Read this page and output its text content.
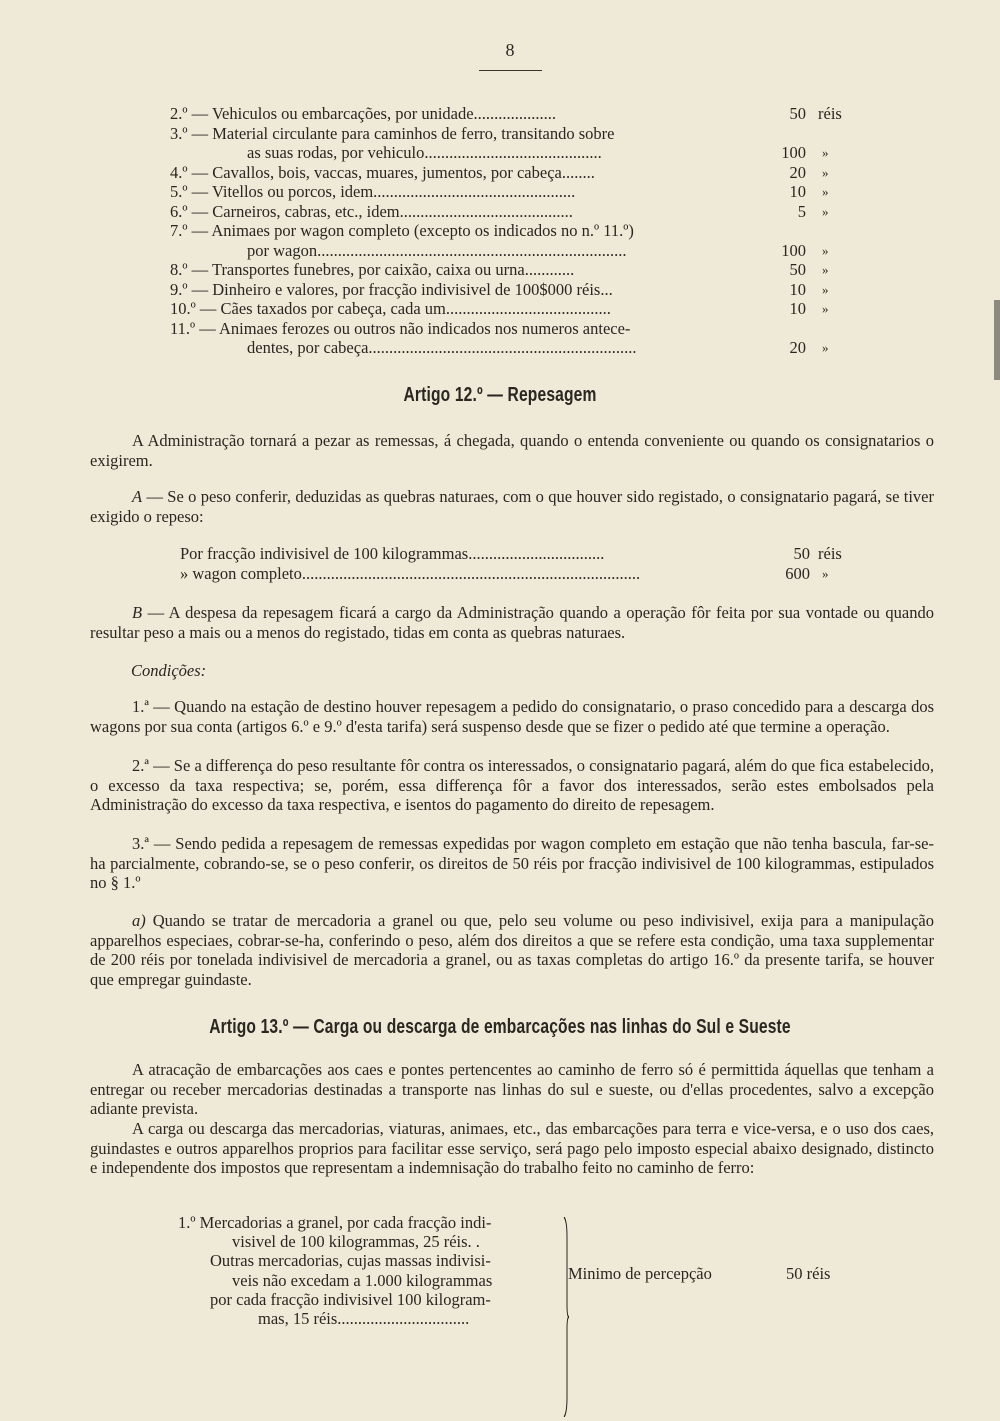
8
2.º — Vehiculos ou embarcações, por unidade....................	50 réis
3.º — Material circulante para caminhos de ferro, transitando sobre
as suas rodas, por vehiculo...........................................	100 »
4.º — Cavallos, bois, vaccas, muares, jumentos, por cabeça........	20 »
5.º — Vitellos ou porcos, idem.................................................	10 »
6.º — Carneiros, cabras, etc., idem..........................................	5 »
7.º — Animaes por wagon completo (excepto os indicados no n.º 11.º)
por wagon...........................................................................	100 »
8.º — Transportes funebres, por caixão, caixa ou urna............	50 »
9.º — Dinheiro e valores, por fracção indivisivel de 100$000 réis...	10 »
10.º — Cães taxados por cabeça, cada um........................................	10 »
11.º — Animaes ferozes ou outros não indicados nos numeros antece-
dentes, por cabeça.................................................................	20 »
Artigo 12.º — Repesagem

A Administração tornará a pezar as remessas, á chegada, quando o entenda conveniente ou quando os consignatarios o exigirem.

A — Se o peso conferir, deduzidas as quebras naturaes, com o que houver sido registado, o consignatario pagará, se tiver exigido o repeso:

Por fracção indivisivel de 100 kilogrammas.................................	50 réis
» wagon completo..................................................................................	600 »

B — A despesa da repesagem ficará a cargo da Administração quando a operação fôr feita por sua vontade ou quando resultar peso a mais ou a menos do registado, tidas em conta as quebras naturaes.

Condições:

1.ª — Quando na estação de destino houver repesagem a pedido do consignatario, o praso concedido para a descarga dos wagons por sua conta (artigos 6.º e 9.º d'esta tarifa) será suspenso desde que se fizer o pedido até que termine a operação.

2.ª — Se a differença do peso resultante fôr contra os interessados, o consignatario pagará, além do que fica estabelecido, o excesso da taxa respectiva; se, porém, essa differença fôr a favor dos interessados, serão estes embolsados pela Administração do excesso da taxa respectiva, e isentos do pagamento do direito de repesagem.

3.ª — Sendo pedida a repesagem de remessas expedidas por wagon completo em estação que não tenha bascula, far-se-ha parcialmente, cobrando-se, se o peso conferir, os direitos de 50 réis por fracção indivisivel de 100 kilogrammas, estipulados no § 1.º

a) Quando se tratar de mercadoria a granel ou que, pelo seu volume ou peso indivisivel, exija para a manipulação apparelhos especiaes, cobrar-se-ha, conferindo o peso, além dos direitos a que se refere esta condição, uma taxa supplementar de 200 réis por tonelada indivisivel de mercadoria a granel, ou as taxas completas do artigo 16.º da presente tarifa, se houver que empregar guindaste.

Artigo 13.º — Carga ou descarga de embarcações nas linhas do Sul e Sueste

A atracação de embarcações aos caes e pontes pertencentes ao caminho de ferro só é permittida áquellas que tenham a entregar ou receber mercadorias destinadas a transporte nas linhas do sul e sueste, ou d'ellas procedentes, salvo a excepção adiante prevista.

A carga ou descarga das mercadorias, viaturas, animaes, etc., das embarcações para terra e vice-versa, e o uso dos caes, guindastes e outros apparelhos proprios para facilitar esse serviço, será pago pelo imposto especial abaixo designado, distincto e independente dos impostos que representam a indemnisação do trabalho feito no caminho de ferro:

1.º Mercadorias a granel, por cada fracção indi-
visivel de 100 kilogrammas, 25 réis. .
Outras mercadorias, cujas massas indivisi-
veis não excedam a 1.000 kilogrammas
por cada fracção indivisivel 100 kilogram-
mas, 15 réis................................
Minimo de percepção	50 réis
